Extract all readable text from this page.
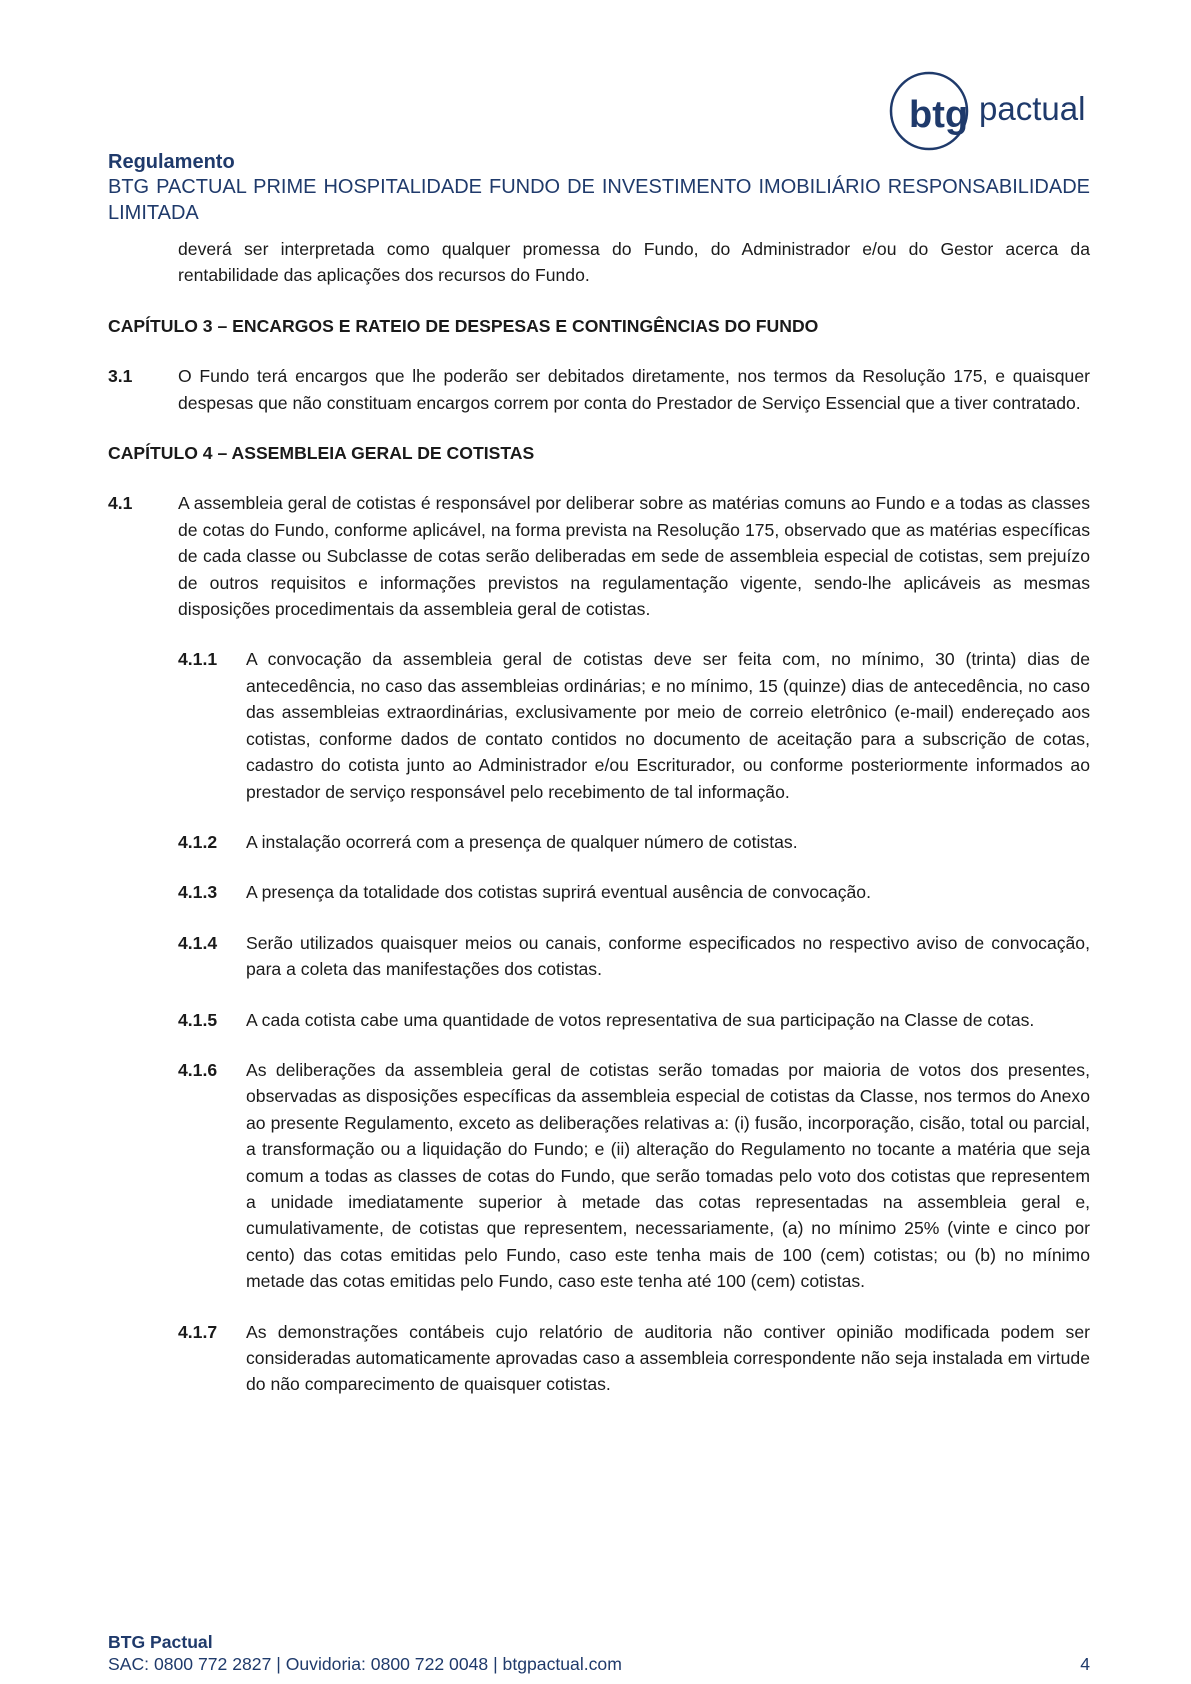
btg pactual
Regulamento
BTG PACTUAL PRIME HOSPITALIDADE FUNDO DE INVESTIMENTO IMOBILIÁRIO RESPONSABILIDADE LIMITADA

deverá ser interpretada como qualquer promessa do Fundo, do Administrador e/ou do Gestor acerca da rentabilidade das aplicações dos recursos do Fundo.

CAPÍTULO 3 – ENCARGOS E RATEIO DE DESPESAS E CONTINGÊNCIAS DO FUNDO

3.1	O Fundo terá encargos que lhe poderão ser debitados diretamente, nos termos da Resolução 175, e quaisquer despesas que não constituam encargos correm por conta do Prestador de Serviço Essencial que a tiver contratado.

CAPÍTULO 4 – ASSEMBLEIA GERAL DE COTISTAS

4.1	A assembleia geral de cotistas é responsável por deliberar sobre as matérias comuns ao Fundo e a todas as classes de cotas do Fundo, conforme aplicável, na forma prevista na Resolução 175, observado que as matérias específicas de cada classe ou Subclasse de cotas serão deliberadas em sede de assembleia especial de cotistas, sem prejuízo de outros requisitos e informações previstos na regulamentação vigente, sendo-lhe aplicáveis as mesmas disposições procedimentais da assembleia geral de cotistas.
4.1.1	A convocação da assembleia geral de cotistas deve ser feita com, no mínimo, 30 (trinta) dias de antecedência, no caso das assembleias ordinárias; e no mínimo, 15 (quinze) dias de antecedência, no caso das assembleias extraordinárias, exclusivamente por meio de correio eletrônico (e-mail) endereçado aos cotistas, conforme dados de contato contidos no documento de aceitação para a subscrição de cotas, cadastro do cotista junto ao Administrador e/ou Escriturador, ou conforme posteriormente informados ao prestador de serviço responsável pelo recebimento de tal informação.
4.1.2	A instalação ocorrerá com a presença de qualquer número de cotistas.
4.1.3	A presença da totalidade dos cotistas suprirá eventual ausência de convocação.
4.1.4	Serão utilizados quaisquer meios ou canais, conforme especificados no respectivo aviso de convocação, para a coleta das manifestações dos cotistas.
4.1.5	A cada cotista cabe uma quantidade de votos representativa de sua participação na Classe de cotas.
4.1.6	As deliberações da assembleia geral de cotistas serão tomadas por maioria de votos dos presentes, observadas as disposições específicas da assembleia especial de cotistas da Classe, nos termos do Anexo ao presente Regulamento, exceto as deliberações relativas a: (i) fusão, incorporação, cisão, total ou parcial, a transformação ou a liquidação do Fundo; e (ii) alteração do Regulamento no tocante a matéria que seja comum a todas as classes de cotas do Fundo, que serão tomadas pelo voto dos cotistas que representem a unidade imediatamente superior à metade das cotas representadas na assembleia geral e, cumulativamente, de cotistas que representem, necessariamente, (a) no mínimo 25% (vinte e cinco por cento) das cotas emitidas pelo Fundo, caso este tenha mais de 100 (cem) cotistas; ou (b) no mínimo metade das cotas emitidas pelo Fundo, caso este tenha até 100 (cem) cotistas.
4.1.7	As demonstrações contábeis cujo relatório de auditoria não contiver opinião modificada podem ser consideradas automaticamente aprovadas caso a assembleia correspondente não seja instalada em virtude do não comparecimento de quaisquer cotistas.
BTG Pactual
SAC: 0800 772 2827 | Ouvidoria: 0800 722 0048 | btgpactual.com	4
